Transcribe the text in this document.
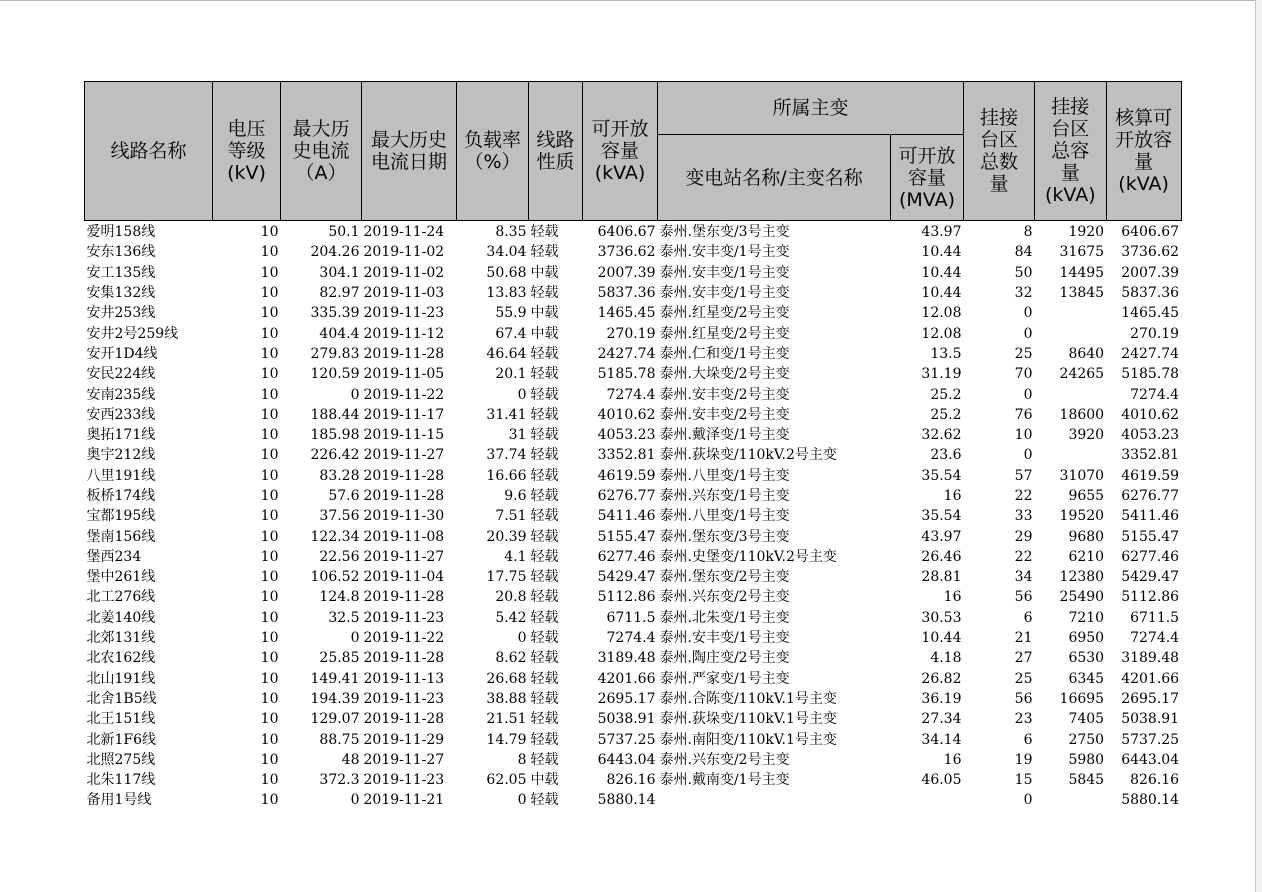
线路名称	电压等级(kV)	最大历史电流（A）	最大历史电流日期	负载率（%）	线路性质	可开放容量(kVA)	所属主变		挂接台区总数量	挂接台区总容量(kVA)	核算可开放容量(kVA)
							变电站名称/主变名称	可开放容量(MVA)			
爱明158线	10	50.1	2019-11-24	8.35	轻载	6406.67	泰州.堡东变/3号主变	43.97	8	1920	6406.67
安东136线	10	204.26	2019-11-02	34.04	轻载	3736.62	泰州.安丰变/1号主变	10.44	84	31675	3736.62
安工135线	10	304.1	2019-11-02	50.68	中载	2007.39	泰州.安丰变/1号主变	10.44	50	14495	2007.39
安集132线	10	82.97	2019-11-03	13.83	轻载	5837.36	泰州.安丰变/1号主变	10.44	32	13845	5837.36
安井253线	10	335.39	2019-11-23	55.9	中载	1465.45	泰州.红星变/2号主变	12.08	0		1465.45
安井2号259线	10	404.4	2019-11-12	67.4	中载	270.19	泰州.红星变/2号主变	12.08	0		270.19
安开1D4线	10	279.83	2019-11-28	46.64	轻载	2427.74	泰州.仁和变/1号主变	13.5	25	8640	2427.74
安民224线	10	120.59	2019-11-05	20.1	轻载	5185.78	泰州.大垛变/2号主变	31.19	70	24265	5185.78
安南235线	10	0	2019-11-22	0	轻载	7274.4	泰州.安丰变/2号主变	25.2	0		7274.4
安西233线	10	188.44	2019-11-17	31.41	轻载	4010.62	泰州.安丰变/2号主变	25.2	76	18600	4010.62
奥拓171线	10	185.98	2019-11-15	31	轻载	4053.23	泰州.戴泽变/1号主变	32.62	10	3920	4053.23
奥宇212线	10	226.42	2019-11-27	37.74	轻载	3352.81	泰州.荻垛变/110kV.2号主变	23.6	0		3352.81
八里191线	10	83.28	2019-11-28	16.66	轻载	4619.59	泰州.八里变/1号主变	35.54	57	31070	4619.59
板桥174线	10	57.6	2019-11-28	9.6	轻载	6276.77	泰州.兴东变/1号主变	16	22	9655	6276.77
宝都195线	10	37.56	2019-11-30	7.51	轻载	5411.46	泰州.八里变/1号主变	35.54	33	19520	5411.46
堡南156线	10	122.34	2019-11-08	20.39	轻载	5155.47	泰州.堡东变/3号主变	43.97	29	9680	5155.47
堡西234	10	22.56	2019-11-27	4.1	轻载	6277.46	泰州.史堡变/110kV.2号主变	26.46	22	6210	6277.46
堡中261线	10	106.52	2019-11-04	17.75	轻载	5429.47	泰州.堡东变/2号主变	28.81	34	12380	5429.47
北工276线	10	124.8	2019-11-28	20.8	轻载	5112.86	泰州.兴东变/2号主变	16	56	25490	5112.86
北姜140线	10	32.5	2019-11-23	5.42	轻载	6711.5	泰州.北朱变/1号主变	30.53	6	7210	6711.5
北郊131线	10	0	2019-11-22	0	轻载	7274.4	泰州.安丰变/1号主变	10.44	21	6950	7274.4
北农162线	10	25.85	2019-11-28	8.62	轻载	3189.48	泰州.陶庄变/2号主变	4.18	27	6530	3189.48
北山191线	10	149.41	2019-11-13	26.68	轻载	4201.66	泰州.严家变/1号主变	26.82	25	6345	4201.66
北舍1B5线	10	194.39	2019-11-23	38.88	轻载	2695.17	泰州.合陈变/110kV.1号主变	36.19	56	16695	2695.17
北王151线	10	129.07	2019-11-28	21.51	轻载	5038.91	泰州.荻垛变/110kV.1号主变	27.34	23	7405	5038.91
北新1F6线	10	88.75	2019-11-29	14.79	轻载	5737.25	泰州.南阳变/110kV.1号主变	34.14	6	2750	5737.25
北照275线	10	48	2019-11-27	8	轻载	6443.04	泰州.兴东变/2号主变	16	19	5980	6443.04
北朱117线	10	372.3	2019-11-23	62.05	中载	826.16	泰州.戴南变/1号主变	46.05	15	5845	826.16
备用1号线	10	0	2019-11-21	0	轻载	5880.14			0		5880.14
